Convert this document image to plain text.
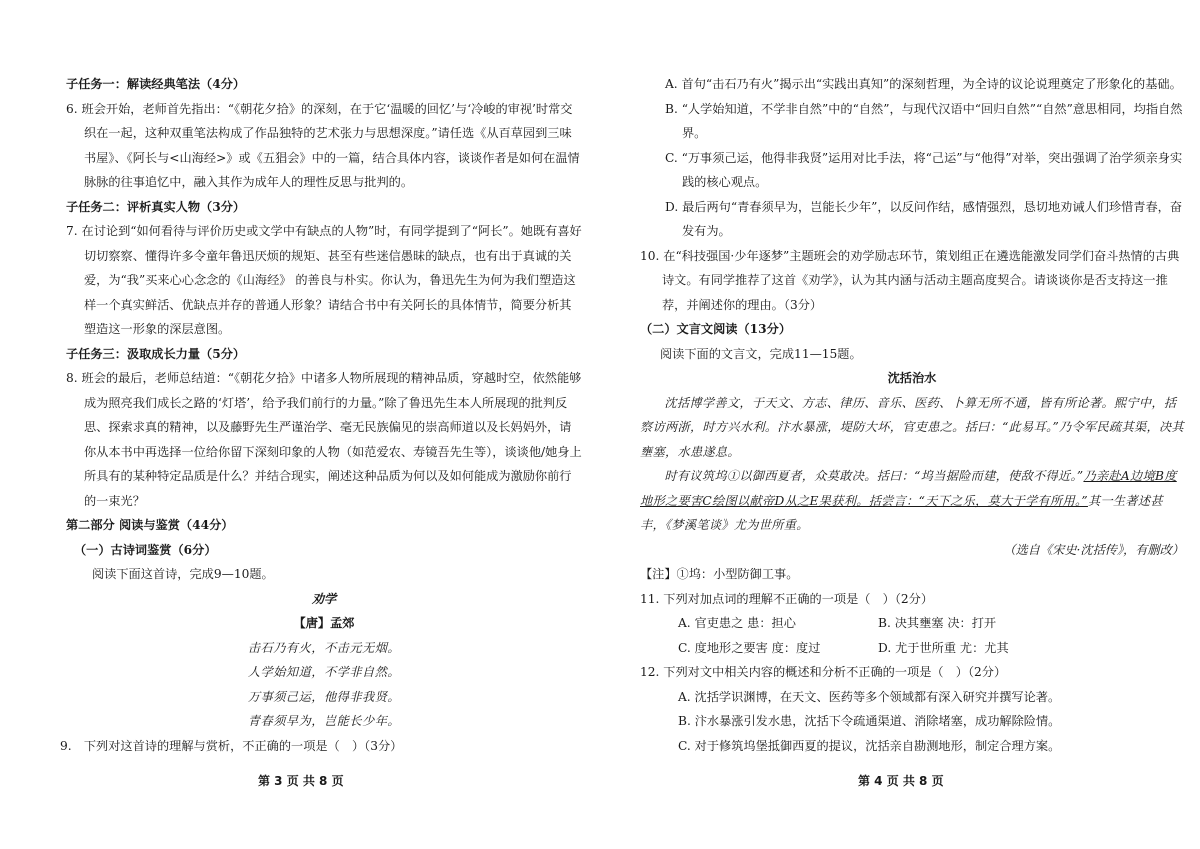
子任务一：解读经典笔法（4分）

6. 班会开始，老师首先指出：“《朝花夕拾》的深刻，在于它‘温暖的回忆’与‘冷峻的审视’时常交织在一起，这种双重笔法构成了作品独特的艺术张力与思想深度。”请任选《从百草园到三味书屋》、《阿长与<山海经>》或《五猖会》中的一篇，结合具体内容，谈谈作者是如何在温情脉脉的往事追忆中，融入其作为成年人的理性反思与批判的。

子任务二：评析真实人物（3分）

7. 在讨论到“如何看待与评价历史或文学中有缺点的人物”时，有同学提到了“阿长”。她既有喜好切切察察、懂得许多令童年鲁迅厌烦的规矩、甚至有些迷信愚昧的缺点，也有出于真诚的关爱，为“我”买来心心念念的《山海经》 的善良与朴实。你认为，鲁迅先生为何为我们塑造这样一个真实鲜活、优缺点并存的普通人形象？请结合书中有关阿长的具体情节，简要分析其塑造这一形象的深层意图。

子任务三：汲取成长力量（5分）

8. 班会的最后，老师总结道：“《朝花夕拾》中诸多人物所展现的精神品质，穿越时空，依然能够成为照亮我们成长之路的‘灯塔’，给予我们前行的力量。”除了鲁迅先生本人所展现的批判反思、探索求真的精神，以及藤野先生严谨治学、毫无民族偏见的崇高师道以及长妈妈外，请你从本书中再选择一位给你留下深刻印象的人物（如范爱农、寿镜吾先生等），谈谈他/她身上所具有的某种特定品质是什么？并结合现实，阐述这种品质为何以及如何能成为激励你前行的一束光？

第二部分 阅读与鉴赏（44分）

（一）古诗词鉴赏（6分）

阅读下面这首诗，完成9—10题。

劝学

【唐】孟郊

击石乃有火，不击元无烟。

人学始知道，不学非自然。

万事须己运，他得非我贤。

青春须早为，岂能长少年。

9.　下列对这首诗的理解与赏析，不正确的一项是（　）（3分）

第 3 页 共 8 页

A. 首句“击石乃有火”揭示出“实践出真知”的深刻哲理，为全诗的议论说理奠定了形象化的基础。

B. “人学始知道，不学非自然”中的“自然”，与现代汉语中“回归自然”“自然”意思相同，均指自然界。

C. “万事须己运，他得非我贤”运用对比手法，将“己运”与“他得”对举，突出强调了治学须亲身实践的核心观点。

D. 最后两句“青春须早为，岂能长少年”，以反问作结，感情强烈，恳切地劝诫人们珍惜青春，奋发有为。

10. 在“科技强国·少年逐梦”主题班会的劝学励志环节，策划组正在遴选能激发同学们奋斗热情的古典诗文。有同学推荐了这首《劝学》，认为其内涵与活动主题高度契合。请谈谈你是否支持这一推荐，并阐述你的理由。（3分）

（二）文言文阅读（13分）

阅读下面的文言文，完成11—15题。

沈括治水

沈括博学善文，于天文、方志、律历、音乐、医药、卜算无所不通，皆有所论著。熙宁中，括察访两浙，时方兴水利。汴水暴涨，堤防大坏，官吏患之。括曰：“此易耳。”乃令军民疏其渠，决其壅塞，水患遂息。

时有议筑坞①以御西夏者，众莫敢决。括曰：“坞当据险而建，使敌不得近。”乃亲赴A边境B度地形之要害C绘图以献帝D从之E果获利。括尝言：“天下之乐，莫大于学有所用。”其一生著述甚丰，《梦溪笔谈》尤为世所重。

（选自《宋史·沈括传》，有删改）

【注】①坞：小型防御工事。

11. 下列对加点词的理解不正确的一项是（　）（2分）

A. 官吏患之 患：担心	B. 决其壅塞 决：打开
C. 度地形之要害 度：度过	D. 尤于世所重 尤：尤其

12. 下列对文中相关内容的概述和分析不正确的一项是（　）（2分）

A. 沈括学识渊博，在天文、医药等多个领域都有深入研究并撰写论著。

B. 汴水暴涨引发水患，沈括下令疏通渠道、消除堵塞，成功解除险情。

C. 对于修筑坞堡抵御西夏的提议，沈括亲自勘测地形，制定合理方案。

第 4 页 共 8 页
